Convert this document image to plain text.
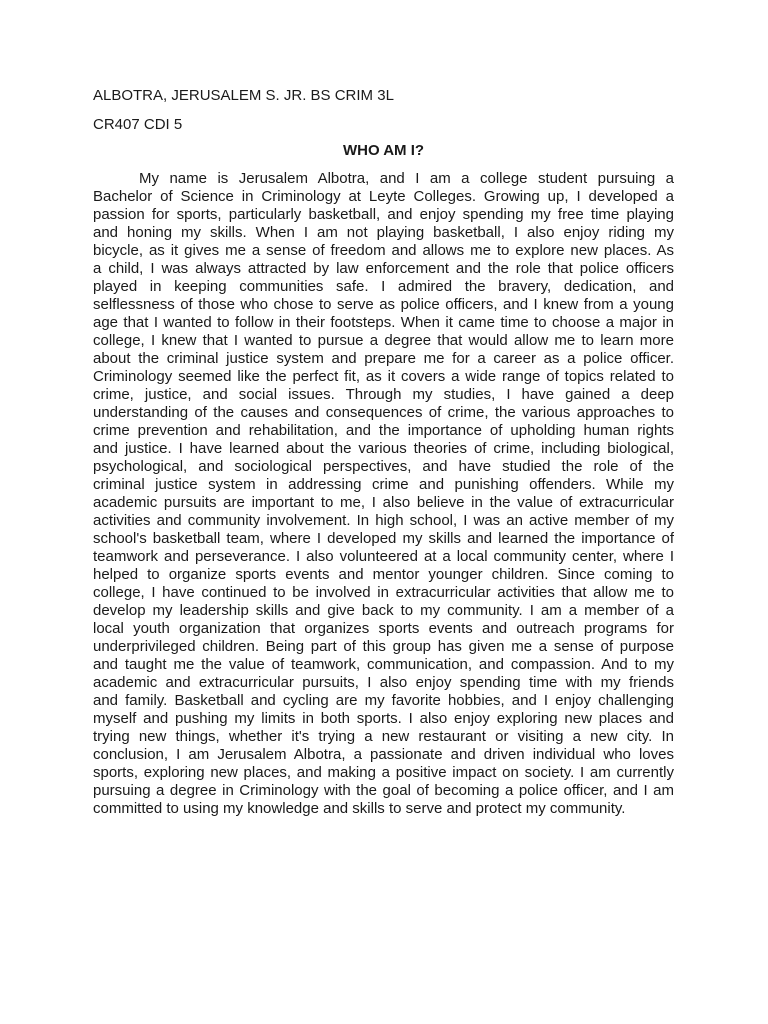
ALBOTRA, JERUSALEM S. JR. BS CRIM 3L
CR407 CDI 5
WHO AM I?
My name is Jerusalem Albotra, and I am a college student pursuing a
Bachelor of Science in Criminology at Leyte Colleges. Growing up, I developed a
passion for sports, particularly basketball, and enjoy spending my free time playing
and honing my skills. When I am not playing basketball, I also enjoy riding my
bicycle, as it gives me a sense of freedom and allows me to explore new places. As
a child, I was always attracted by law enforcement and the role that police officers
played in keeping communities safe. I admired the bravery, dedication, and
selflessness of those who chose to serve as police officers, and I knew from a young
age that I wanted to follow in their footsteps. When it came time to choose a major in
college, I knew that I wanted to pursue a degree that would allow me to learn more
about the criminal justice system and prepare me for a career as a police officer.
Criminology seemed like the perfect fit, as it covers a wide range of topics related to
crime, justice, and social issues. Through my studies, I have gained a deep
understanding of the causes and consequences of crime, the various approaches to
crime prevention and rehabilitation, and the importance of upholding human rights
and justice. I have learned about the various theories of crime, including biological,
psychological, and sociological perspectives, and have studied the role of the
criminal justice system in addressing crime and punishing offenders. While my
academic pursuits are important to me, I also believe in the value of extracurricular
activities and community involvement. In high school, I was an active member of my
school's basketball team, where I developed my skills and learned the importance of
teamwork and perseverance. I also volunteered at a local community center, where I
helped to organize sports events and mentor younger children. Since coming to
college, I have continued to be involved in extracurricular activities that allow me to
develop my leadership skills and give back to my community. I am a member of a
local youth organization that organizes sports events and outreach programs for
underprivileged children. Being part of this group has given me a sense of purpose
and taught me the value of teamwork, communication, and compassion. And to my
academic and extracurricular pursuits, I also enjoy spending time with my friends
and family. Basketball and cycling are my favorite hobbies, and I enjoy challenging
myself and pushing my limits in both sports. I also enjoy exploring new places and
trying new things, whether it's trying a new restaurant or visiting a new city. In
conclusion, I am Jerusalem Albotra, a passionate and driven individual who loves
sports, exploring new places, and making a positive impact on society. I am currently
pursuing a degree in Criminology with the goal of becoming a police officer, and I am
committed to using my knowledge and skills to serve and protect my community.
